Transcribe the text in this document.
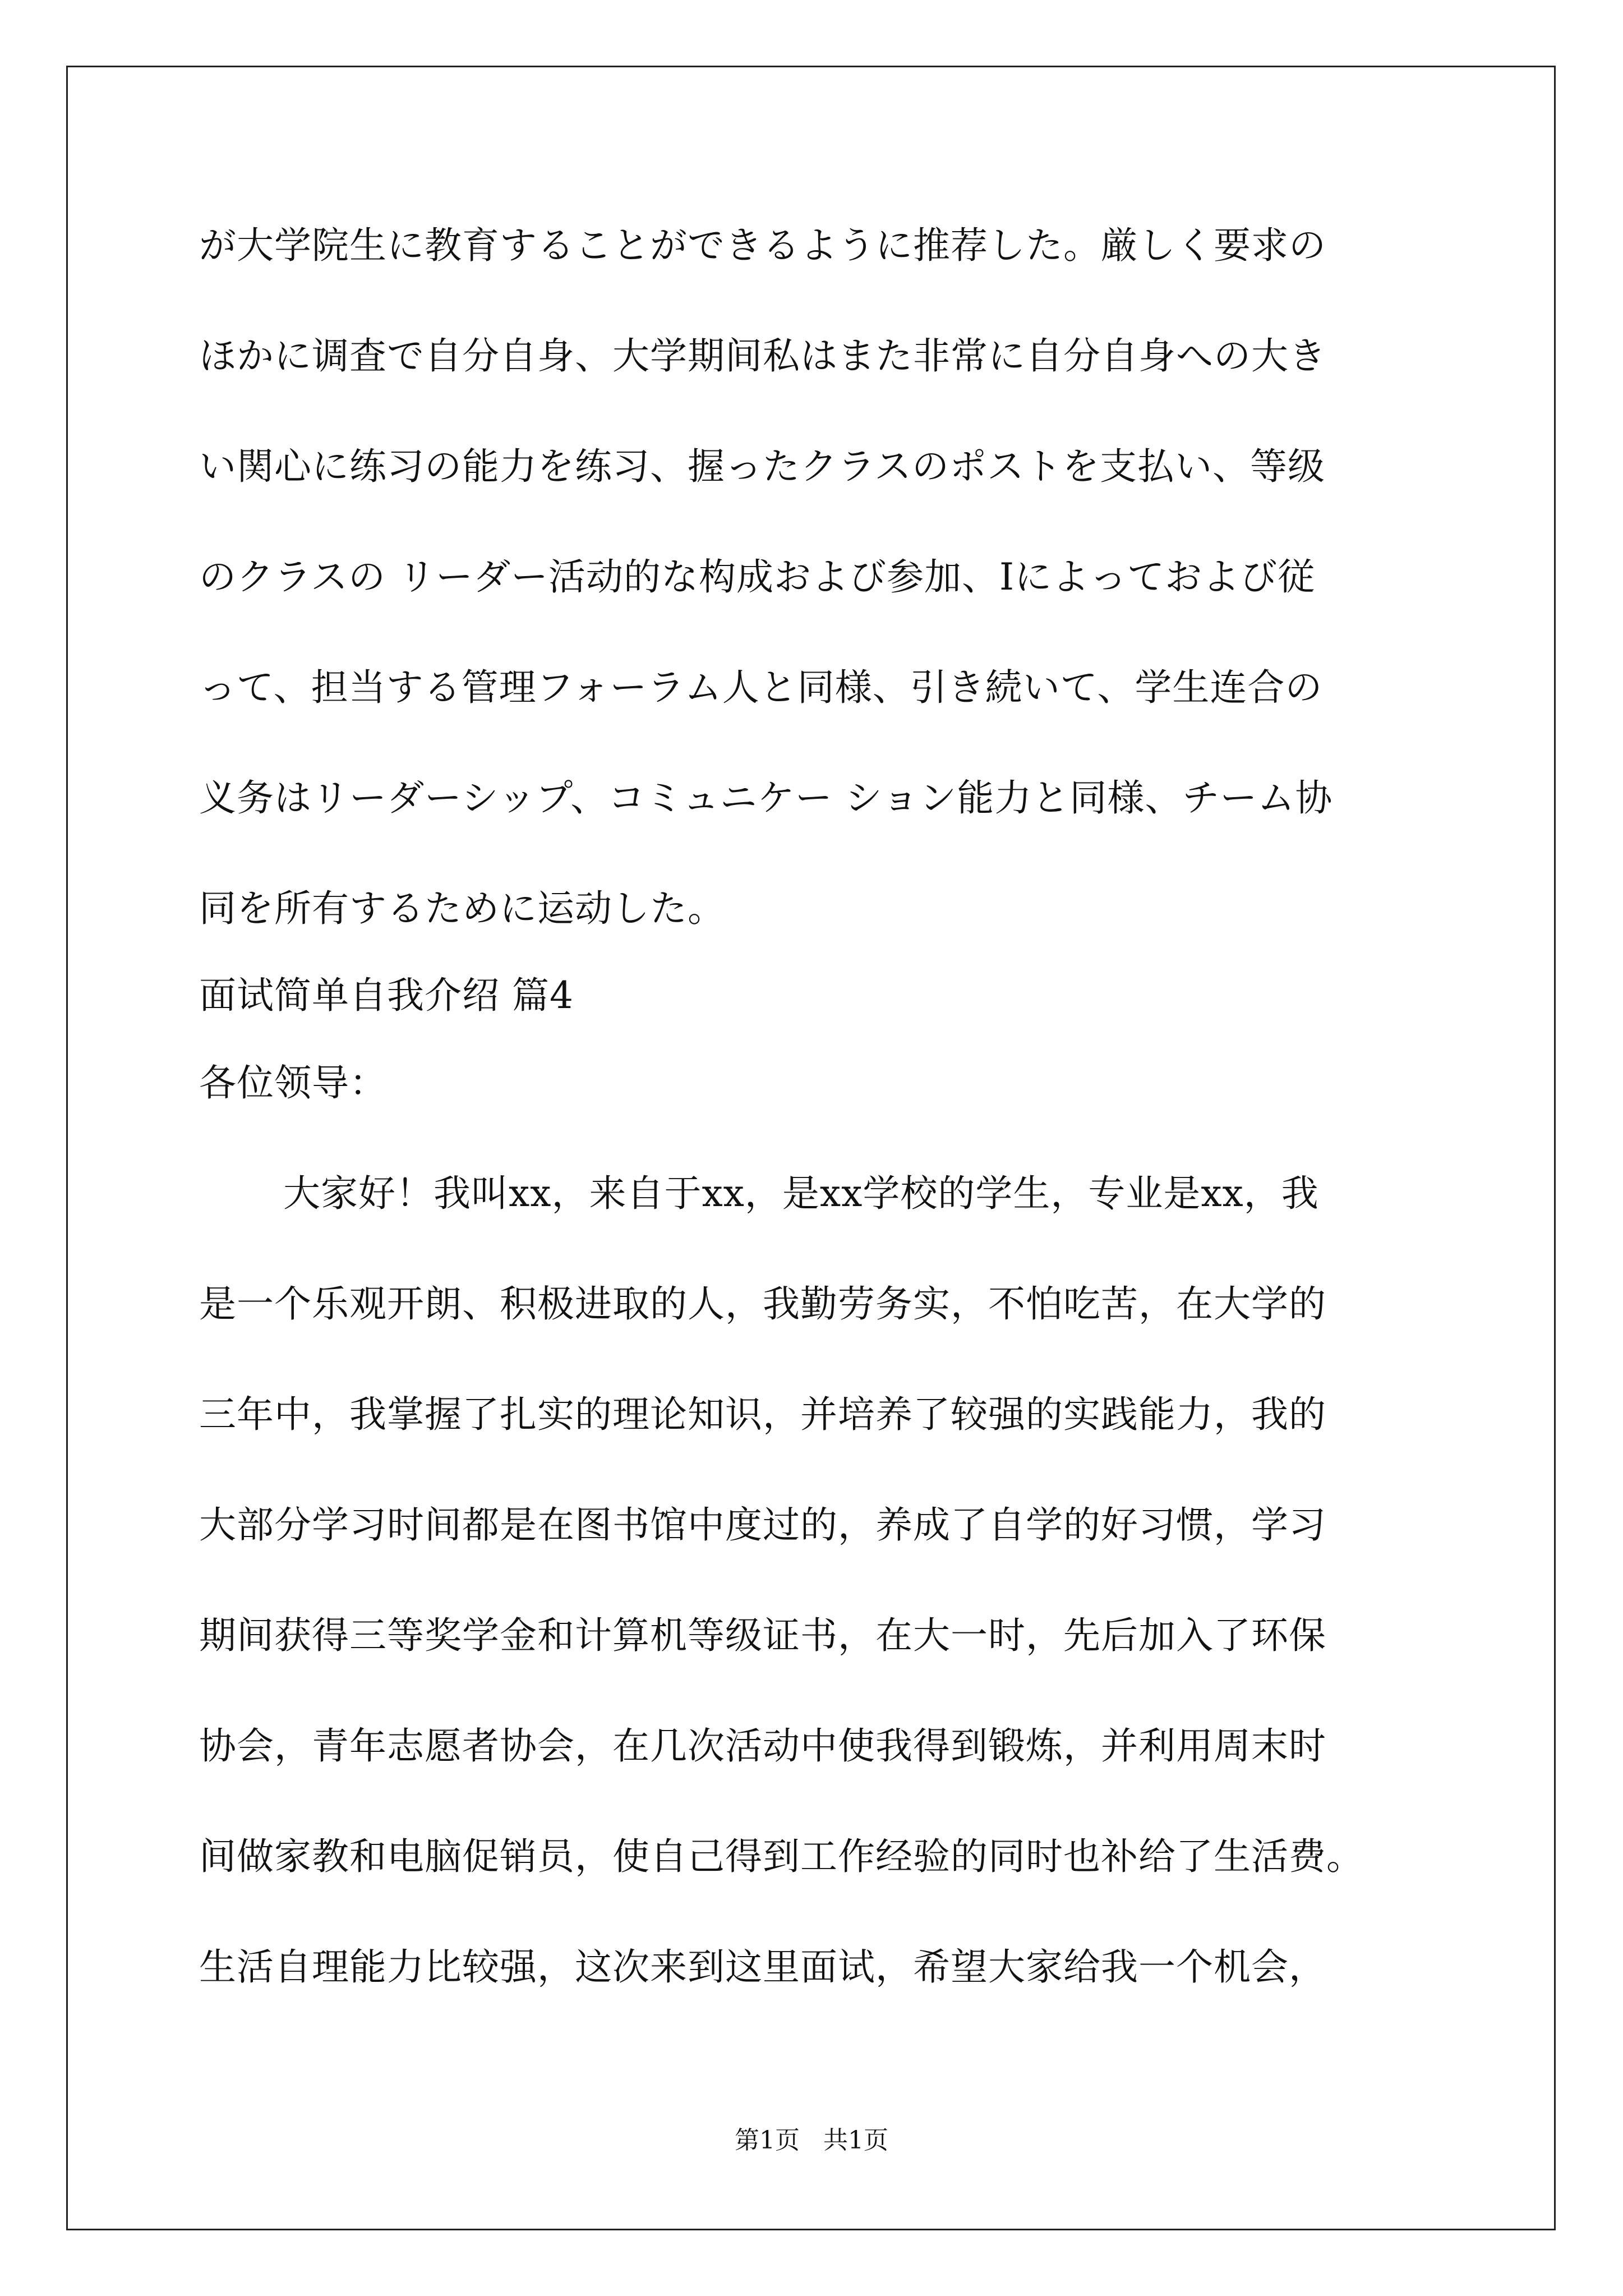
が大学院生に教育することができるように推荐した。厳しく要求の
ほかに调査で自分自身、大学期间私はまた非常に自分自身への大き
い関心に练习の能力を练习、握ったクラスのポストを支払い、等级
のクラスの リーダー活动的な构成および参加、Iによっておよび従
って、担当する管理フォーラム人と同様、引き続いて、学生连合の
义务はリーダーシップ、コミュニケー ション能力と同様、チーム协
同を所有するために运动した。
面试简单自我介绍 篇4
各位领导：
大家好！我叫xx，来自于xx，是xx学校的学生，专业是xx，我
是一个乐观开朗、积极进取的人，我勤劳务实，不怕吃苦，在大学的
三年中，我掌握了扎实的理论知识，并培养了较强的实践能力，我的
大部分学习时间都是在图书馆中度过的，养成了自学的好习惯，学习
期间获得三等奖学金和计算机等级证书，在大一时，先后加入了环保
协会，青年志愿者协会，在几次活动中使我得到锻炼，并利用周末时
间做家教和电脑促销员，使自己得到工作经验的同时也补给了生活费。
生活自理能力比较强，这次来到这里面试，希望大家给我一个机会，
第1页   共1页
